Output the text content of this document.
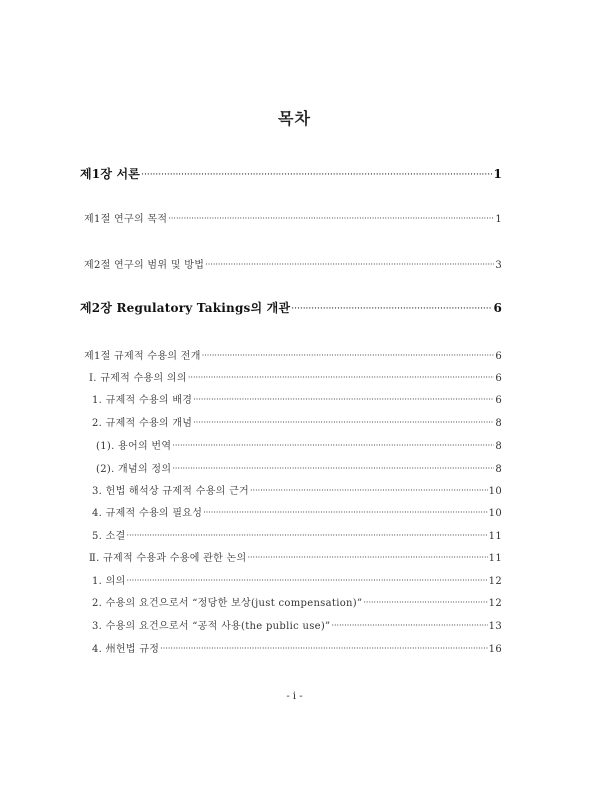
목차
제1장 서론 ·····	1
제1절 연구의 목적 ·····	1
제2절 연구의 범위 및 방법 ·····	3
제2장 Regulatory Takings의 개관 ·····	6
제1절 규제적 수용의 전개 ·····	6
Ⅰ. 규제적 수용의 의의 ·····	6
1. 규제적 수용의 배경 ·····	6
2. 규제적 수용의 개념 ·····	8
(1). 용어의 번역 ·····	8
(2). 개념의 정의 ·····	8
3. 헌법 해석상 규제적 수용의 근거 ·····	10
4. 규제적 수용의 필요성 ·····	10
5. 소결 ·····	11
Ⅱ. 규제적 수용과 수용에 관한 논의 ·····	11
1. 의의 ·····	12
2. 수용의 요건으로서 “정당한 보상(just compensation)” ·····	12
3. 수용의 요건으로서 “공적 사용(the public use)” ·····	13
4. 州헌법 규정 ·····	16
- i -
